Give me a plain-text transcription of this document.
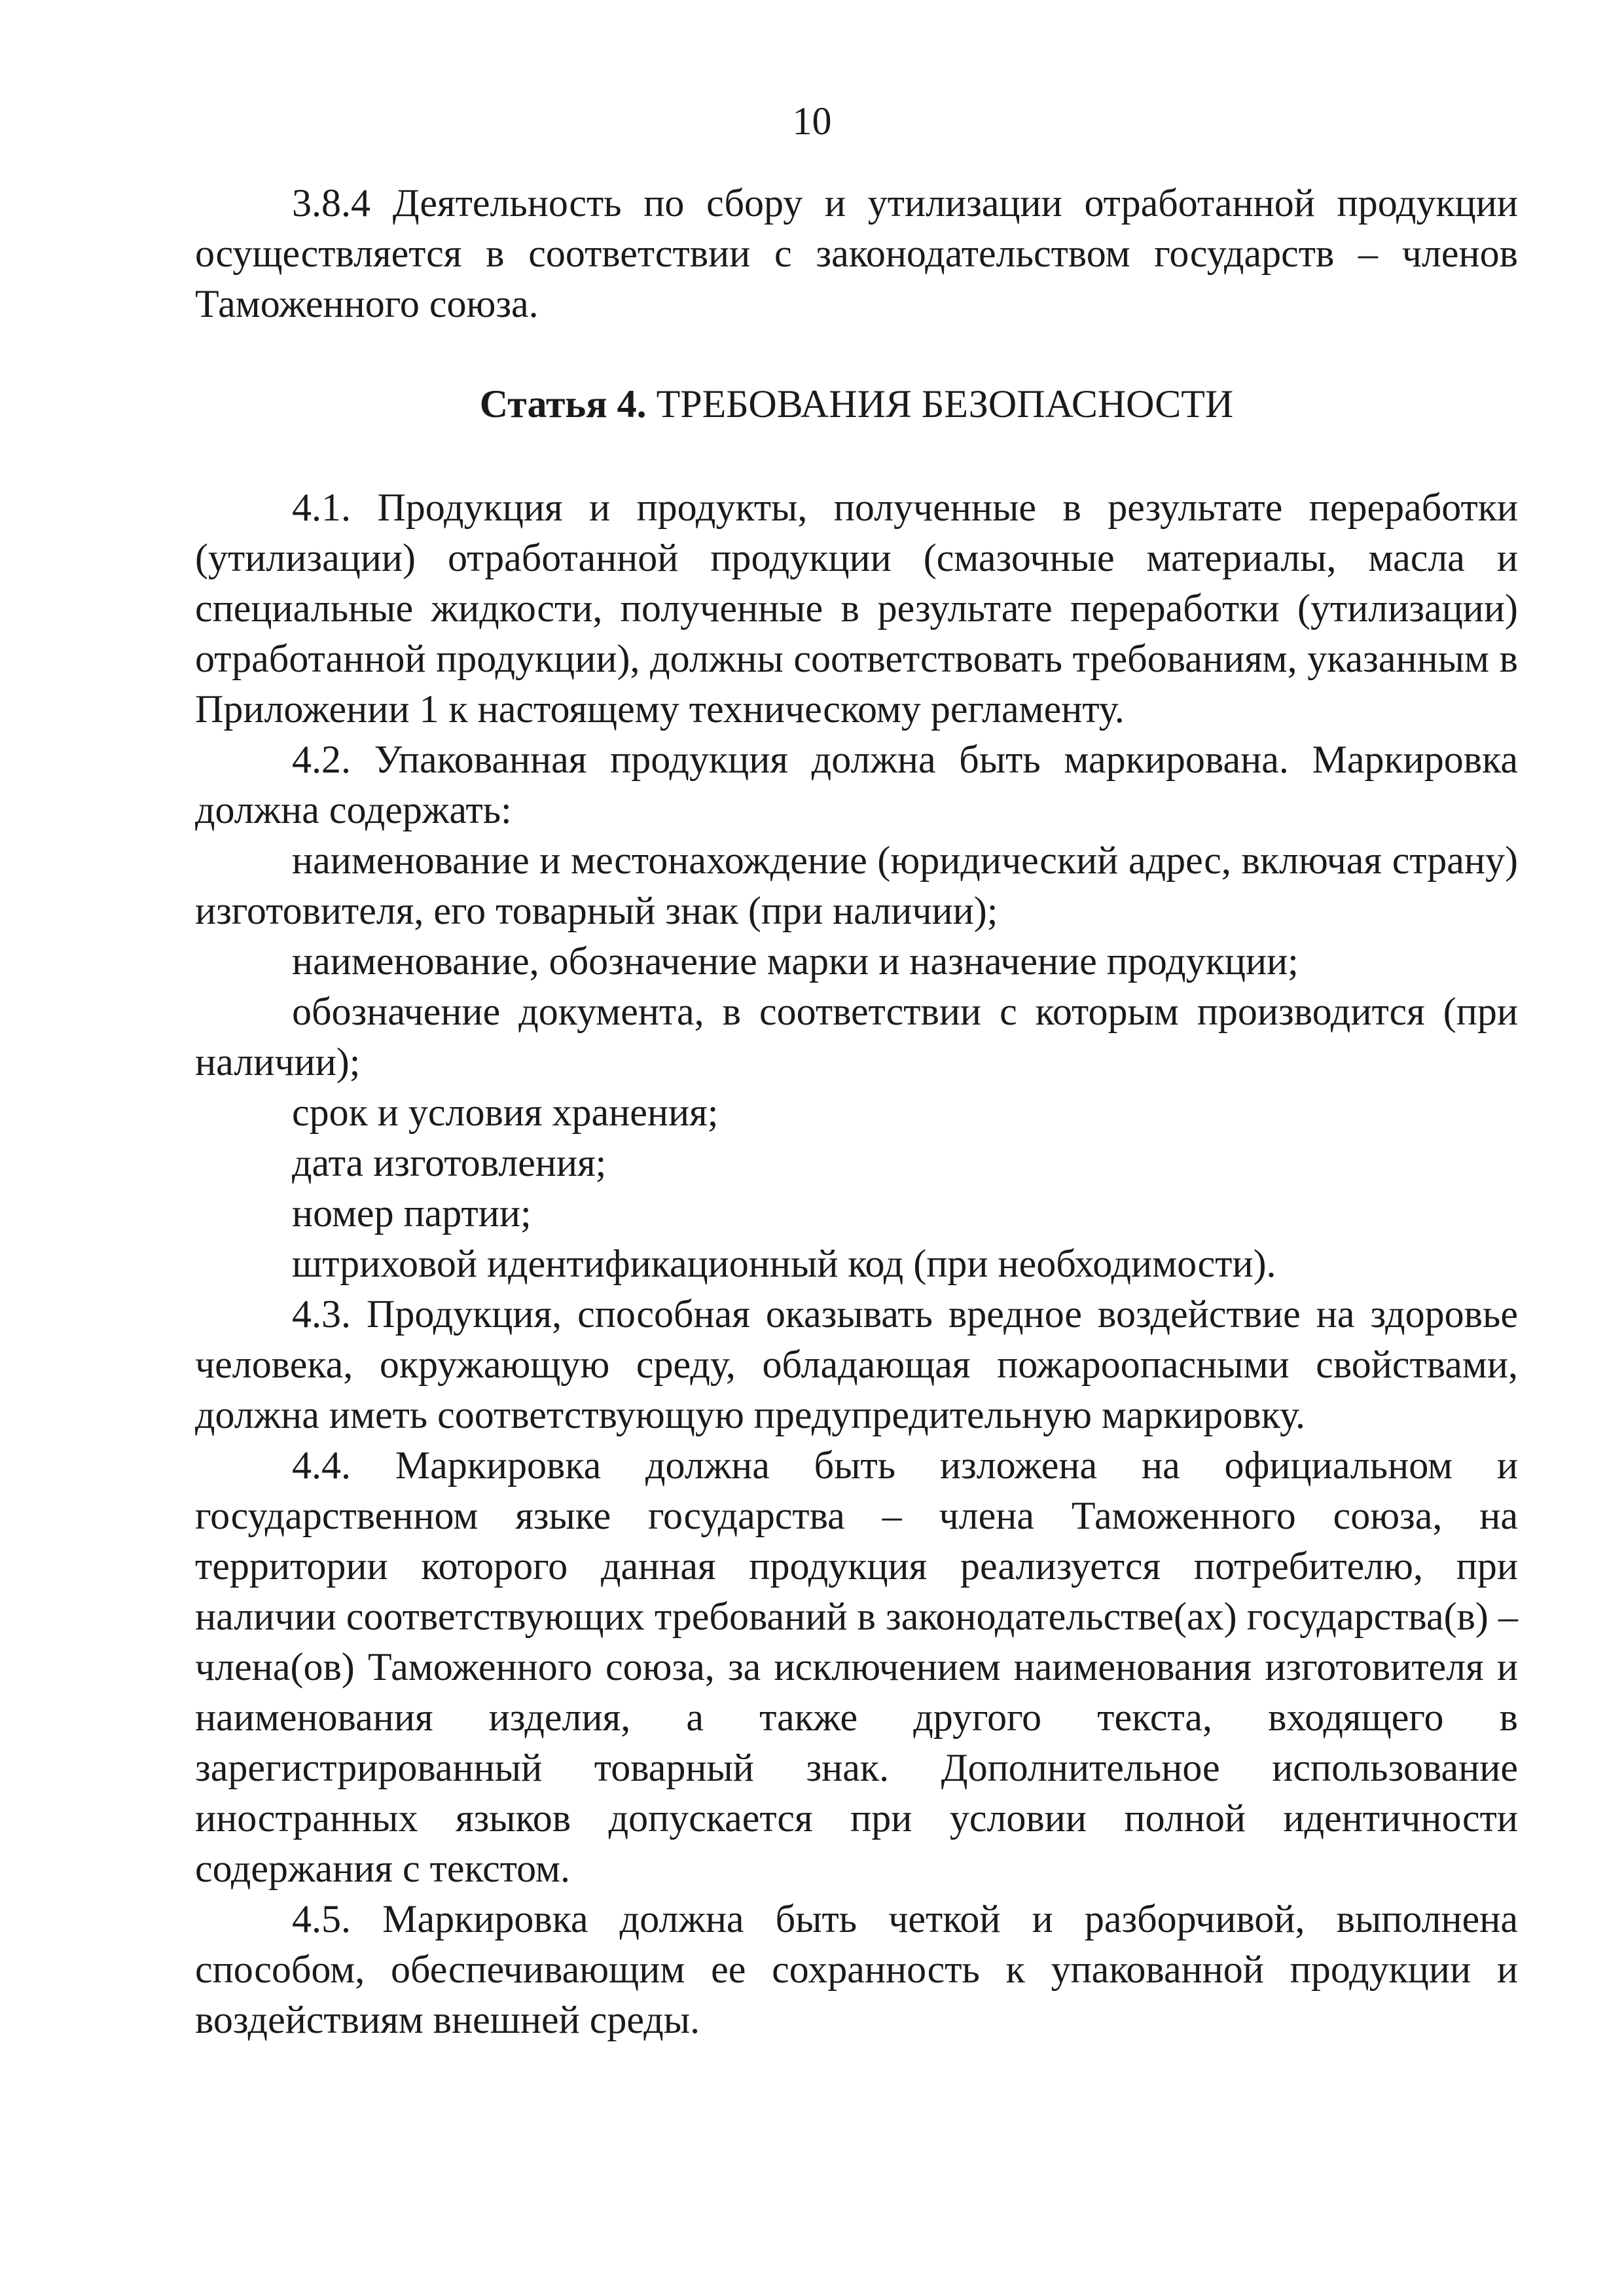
10

3.8.4 Деятельность по сбору и утилизации отработанной продукции осуществляется в соответствии с законодательством государств – членов Таможенного союза.

Статья 4. ТРЕБОВАНИЯ БЕЗОПАСНОСТИ

4.1. Продукция и продукты, полученные в результате переработки (утилизации) отработанной продукции (смазочные материалы, масла и специальные жидкости, полученные в результате переработки (утилизации) отработанной продукции), должны соответствовать требованиям, указанным в Приложении 1 к настоящему техническому регламенту.

4.2. Упакованная продукция должна быть маркирована. Маркировка должна содержать:

наименование и местонахождение (юридический адрес, включая страну) изготовителя, его товарный знак (при наличии);

наименование, обозначение марки и назначение продукции;

обозначение документа, в соответствии с которым производится (при наличии);

срок и условия хранения;

дата изготовления;

номер партии;

штриховой идентификационный код (при необходимости).

4.3. Продукция, способная оказывать вредное воздействие на здоровье человека, окружающую среду, обладающая пожароопасными свойствами, должна иметь соответствующую предупредительную маркировку.

4.4. Маркировка должна быть изложена на официальном и государственном языке государства – члена Таможенного союза, на территории которого данная продукция реализуется потребителю, при наличии соответствующих требований в законодательстве(ах) государства(в) – члена(ов) Таможенного союза, за исключением наименования изготовителя и наименования изделия, а также другого текста, входящего в зарегистрированный товарный знак. Дополнительное использование иностранных языков допускается при условии полной идентичности содержания с текстом.

4.5. Маркировка должна быть четкой и разборчивой, выполнена способом, обеспечивающим ее сохранность к упакованной продукции и воздействиям внешней среды.
